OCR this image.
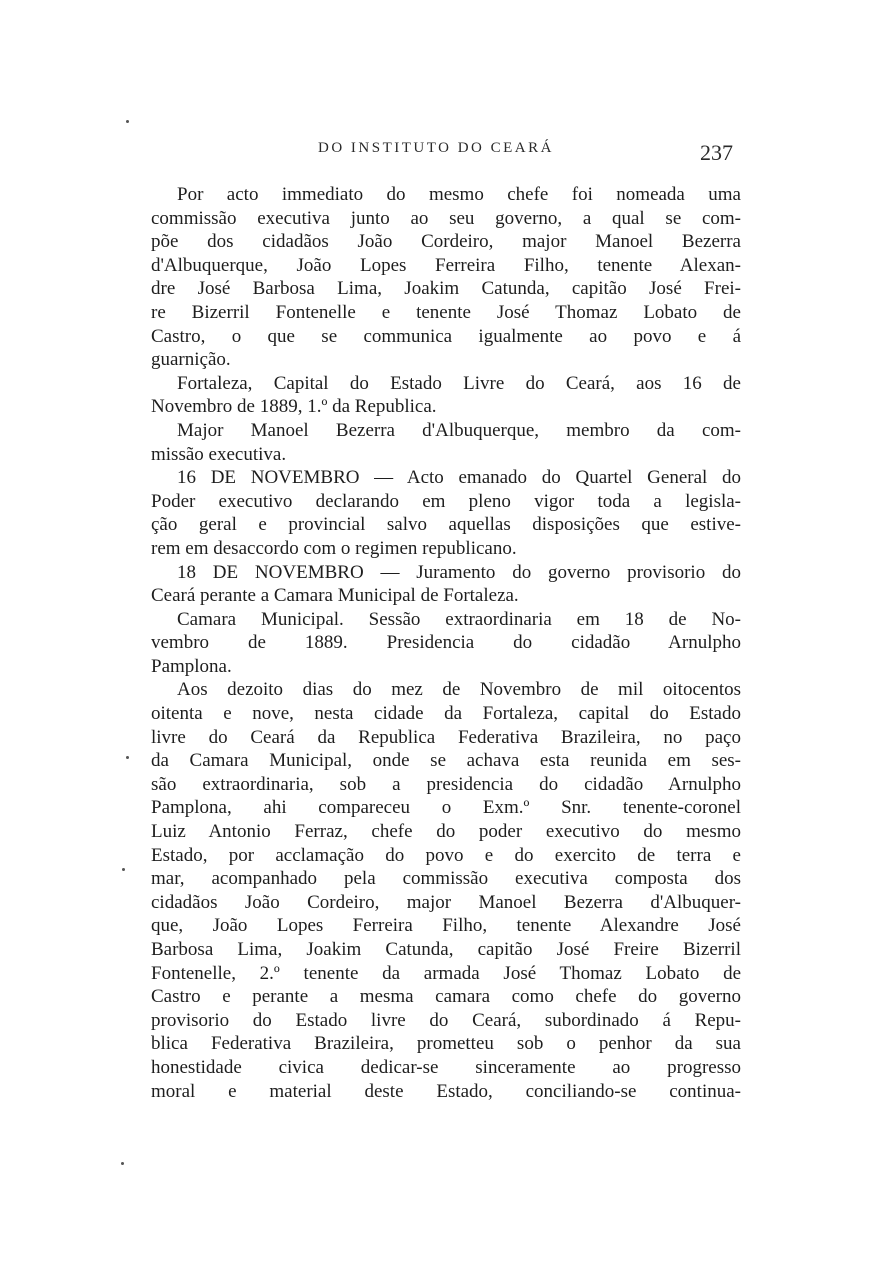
DO INSTITUTO DO CEARÁ	237
Por acto immediato do mesmo chefe foi nomeada uma
commissão executiva junto ao seu governo, a qual se com-
põe dos cidadãos João Cordeiro, major Manoel Bezerra
d'Albuquerque, João Lopes Ferreira Filho, tenente Alexan-
dre José Barbosa Lima, Joakim Catunda, capitão José Frei-
re Bizerril Fontenelle e tenente José Thomaz Lobato de
Castro, o que se communica igualmente ao povo e á
guarnição.
Fortaleza, Capital do Estado Livre do Ceará, aos 16 de
Novembro de 1889, 1.º da Republica.
Major Manoel Bezerra d'Albuquerque, membro da com-
missão executiva.
16 DE NOVEMBRO — Acto emanado do Quartel General do
Poder executivo declarando em pleno vigor toda a legisla-
ção geral e provincial salvo aquellas disposições que estive-
rem em desaccordo com o regimen republicano.
18 DE NOVEMBRO — Juramento do governo provisorio do
Ceará perante a Camara Municipal de Fortaleza.
Camara Municipal. Sessão extraordinaria em 18 de No-
vembro de 1889. Presidencia do cidadão Arnulpho
Pamplona.
Aos dezoito dias do mez de Novembro de mil oitocentos
oitenta e nove, nesta cidade da Fortaleza, capital do Estado
livre do Ceará da Republica Federativa Brazileira, no paço
da Camara Municipal, onde se achava esta reunida em ses-
são extraordinaria, sob a presidencia do cidadão Arnulpho
Pamplona, ahi compareceu o Exm.º Snr. tenente-coronel
Luiz Antonio Ferraz, chefe do poder executivo do mesmo
Estado, por acclamação do povo e do exercito de terra e
mar, acompanhado pela commissão executiva composta dos
cidadãos João Cordeiro, major Manoel Bezerra d'Albuquer-
que, João Lopes Ferreira Filho, tenente Alexandre José
Barbosa Lima, Joakim Catunda, capitão José Freire Bizerril
Fontenelle, 2.º tenente da armada José Thomaz Lobato de
Castro e perante a mesma camara como chefe do governo
provisorio do Estado livre do Ceará, subordinado á Repu-
blica Federativa Brazileira, prometteu sob o penhor da sua
honestidade civica dedicar-se sinceramente ao progresso
moral e material deste Estado, conciliando-se continua-
